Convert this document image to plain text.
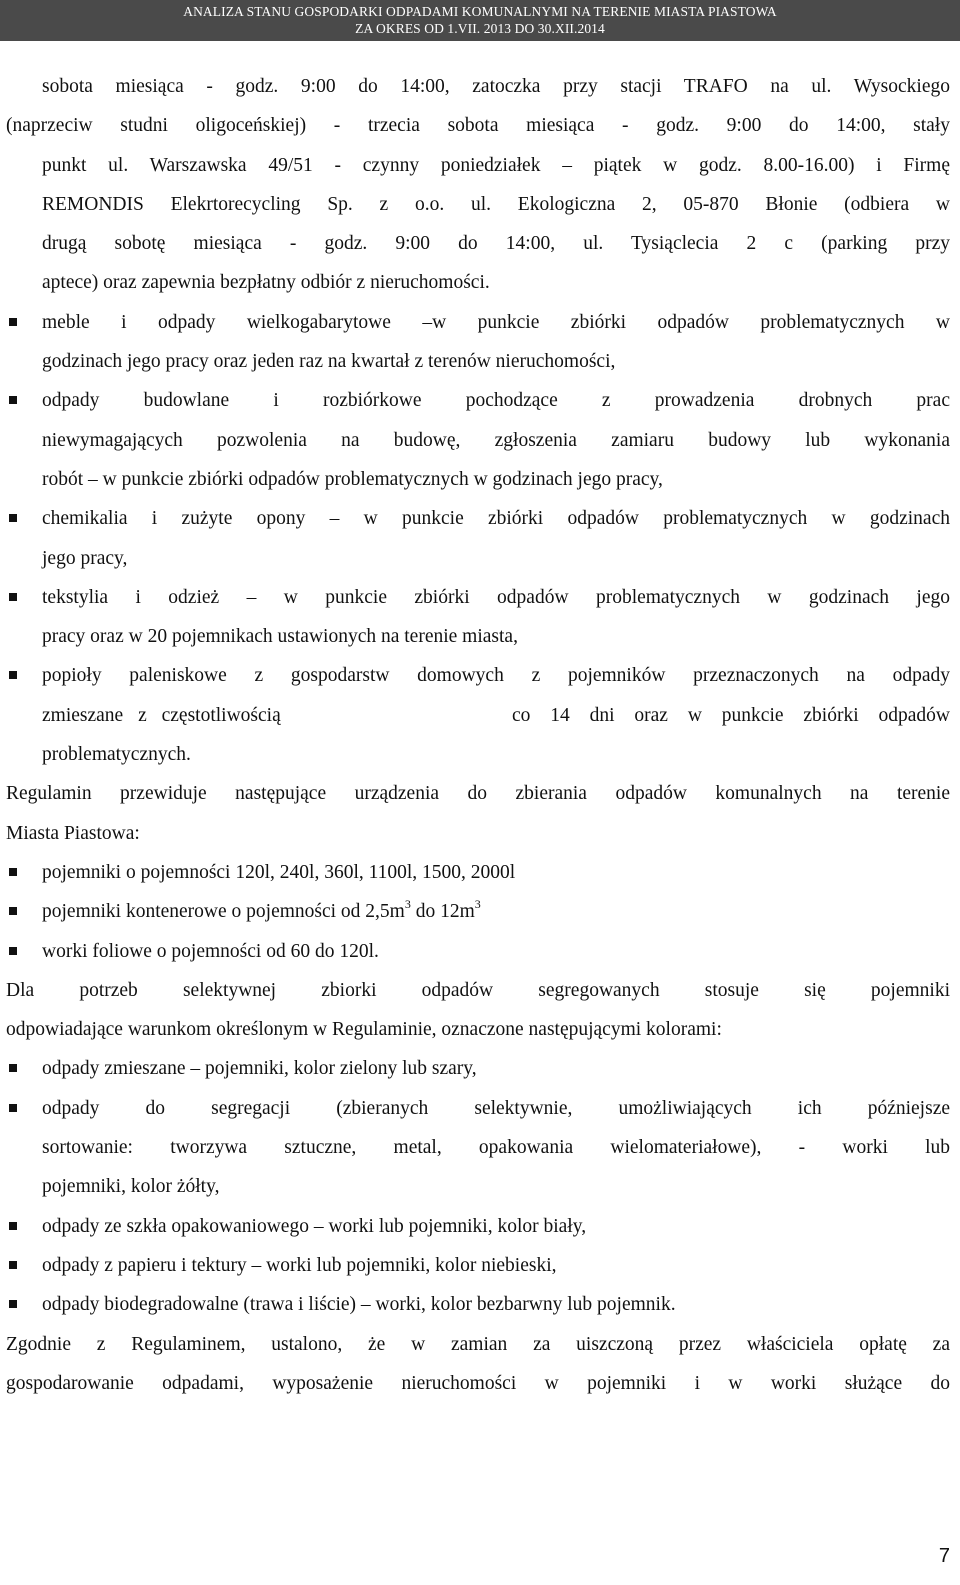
ANALIZA STANU GOSPODARKI ODPADAMI KOMUNALNYMI NA TERENIE MIASTA PIASTOWA
ZA OKRES OD 1.VII. 2013 DO 30.XII.2014
sobota miesiąca - godz. 9:00 do 14:00, zatoczka przy stacji TRAFO na ul. Wysockiego
(naprzeciw studni oligoceńskiej) - trzecia sobota miesiąca - godz. 9:00 do 14:00, stały
punkt ul. Warszawska 49/51 - czynny poniedziałek – piątek w godz. 8.00-16.00) i Firmę
REMONDIS Elekrtorecycling Sp. z o.o. ul. Ekologiczna 2, 05-870 Błonie (odbiera w
drugą sobotę miesiąca - godz. 9:00 do 14:00, ul. Tysiąclecia 2 c (parking przy
aptece) oraz zapewnia bezpłatny odbiór z nieruchomości.
meble i odpady wielkogabarytowe –w punkcie zbiórki odpadów problematycznych w
godzinach jego pracy oraz jeden raz na kwartał z terenów nieruchomości,
odpady budowlane i rozbiórkowe pochodzące z prowadzenia drobnych prac
niewymagających pozwolenia na budowę, zgłoszenia zamiaru budowy lub wykonania
robót – w punkcie zbiórki odpadów problematycznych w godzinach jego pracy,
chemikalia i zużyte opony – w punkcie zbiórki odpadów problematycznych w godzinach
jego pracy,
tekstylia i odzież – w punkcie zbiórki odpadów problematycznych w godzinach jego
pracy oraz w 20 pojemnikach ustawionych na terenie miasta,
popioły paleniskowe z gospodarstw domowych z pojemników przeznaczonych na odpady
zmieszane z częstotliwością	co 14 dni oraz w punkcie zbiórki odpadów
problematycznych.
Regulamin przewiduje następujące urządzenia do zbierania odpadów komunalnych na terenie
Miasta Piastowa:
pojemniki o pojemności 120l, 240l, 360l, 1100l, 1500, 2000l
pojemniki kontenerowe o pojemności od $2,5m^3$ do $12m^3$
worki foliowe o pojemności od 60 do 120l.
Dla potrzeb selektywnej zbiorki odpadów segregowanych stosuje się pojemniki
odpowiadające warunkom określonym w Regulaminie, oznaczone następującymi kolorami:
odpady zmieszane – pojemniki, kolor zielony lub szary,
odpady do segregacji (zbieranych selektywnie, umożliwiających ich późniejsze
sortowanie: tworzywa sztuczne, metal, opakowania wielomateriałowe), - worki lub
pojemniki, kolor żółty,
odpady ze szkła opakowaniowego – worki lub pojemniki, kolor biały,
odpady z papieru i tektury – worki lub pojemniki, kolor niebieski,
odpady biodegradowalne (trawa i liście) – worki, kolor bezbarwny lub pojemnik.
Zgodnie z Regulaminem, ustalono, że w zamian za uiszczoną przez właściciela opłatę za
gospodarowanie odpadami, wyposażenie nieruchomości w pojemniki i w worki służące do
7
